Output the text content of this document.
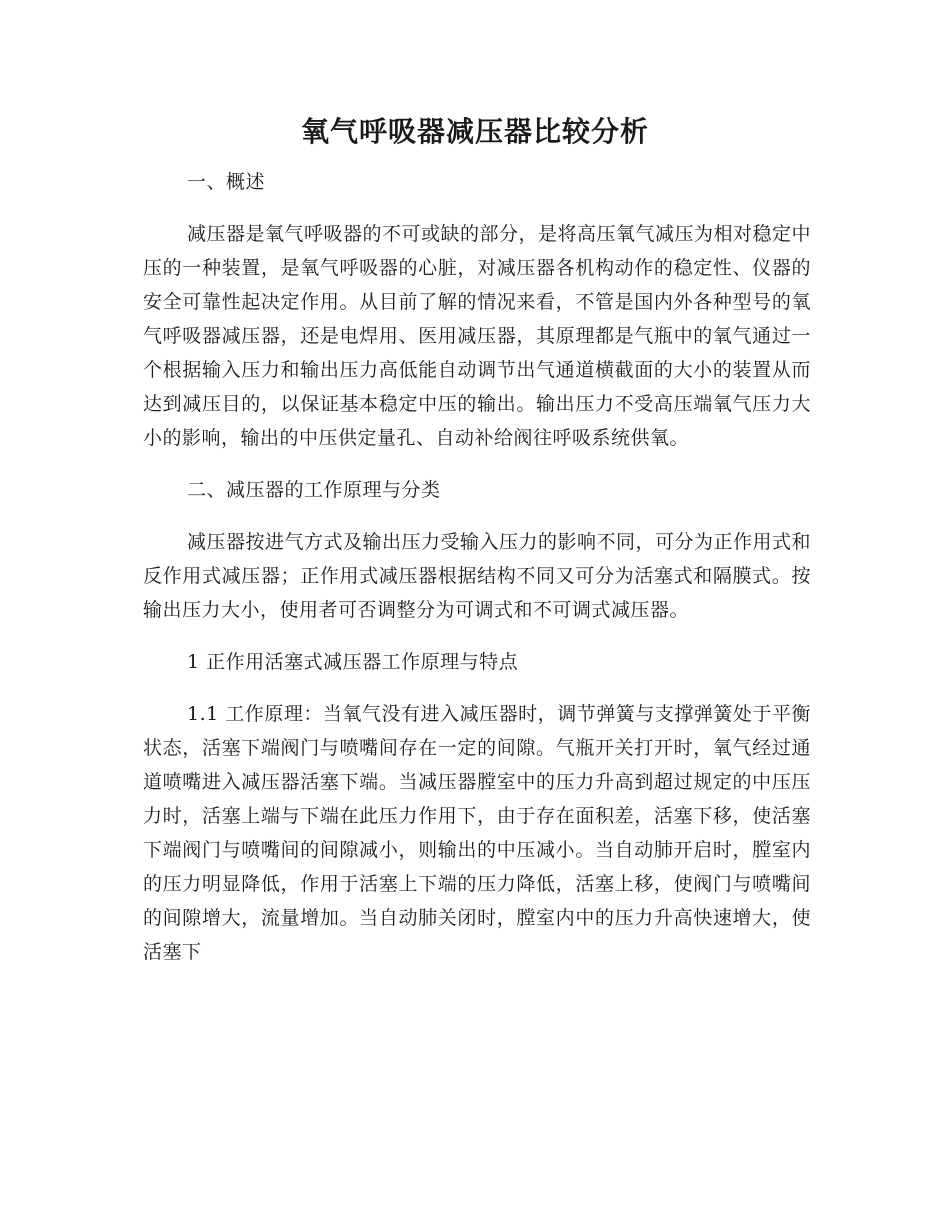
氧气呼吸器减压器比较分析

一、概述

减压器是氧气呼吸器的不可或缺的部分，是将高压氧气减压为相对稳定中压的一种装置，是氧气呼吸器的心脏，对减压器各机构动作的稳定性、仪器的安全可靠性起决定作用。从目前了解的情况来看，不管是国内外各种型号的氧气呼吸器减压器，还是电焊用、医用减压器，其原理都是气瓶中的氧气通过一个根据输入压力和输出压力高低能自动调节出气通道横截面的大小的装置从而达到减压目的，以保证基本稳定中压的输出。输出压力不受高压端氧气压力大小的影响，输出的中压供定量孔、自动补给阀往呼吸系统供氧。

二、减压器的工作原理与分类

减压器按进气方式及输出压力受输入压力的影响不同，可分为正作用式和反作用式减压器；正作用式减压器根据结构不同又可分为活塞式和隔膜式。按输出压力大小，使用者可否调整分为可调式和不可调式减压器。

1 正作用活塞式减压器工作原理与特点

1.1 工作原理：当氧气没有进入减压器时，调节弹簧与支撑弹簧处于平衡状态，活塞下端阀门与喷嘴间存在一定的间隙。气瓶开关打开时，氧气经过通道喷嘴进入减压器活塞下端。当减压器膛室中的压力升高到超过规定的中压压力时，活塞上端与下端在此压力作用下，由于存在面积差，活塞下移，使活塞下端阀门与喷嘴间的间隙减小，则输出的中压减小。当自动肺开启时，膛室内的压力明显降低，作用于活塞上下端的压力降低，活塞上移，使阀门与喷嘴间的间隙增大，流量增加。当自动肺关闭时，膛室内中的压力升高快速增大，使活塞下
